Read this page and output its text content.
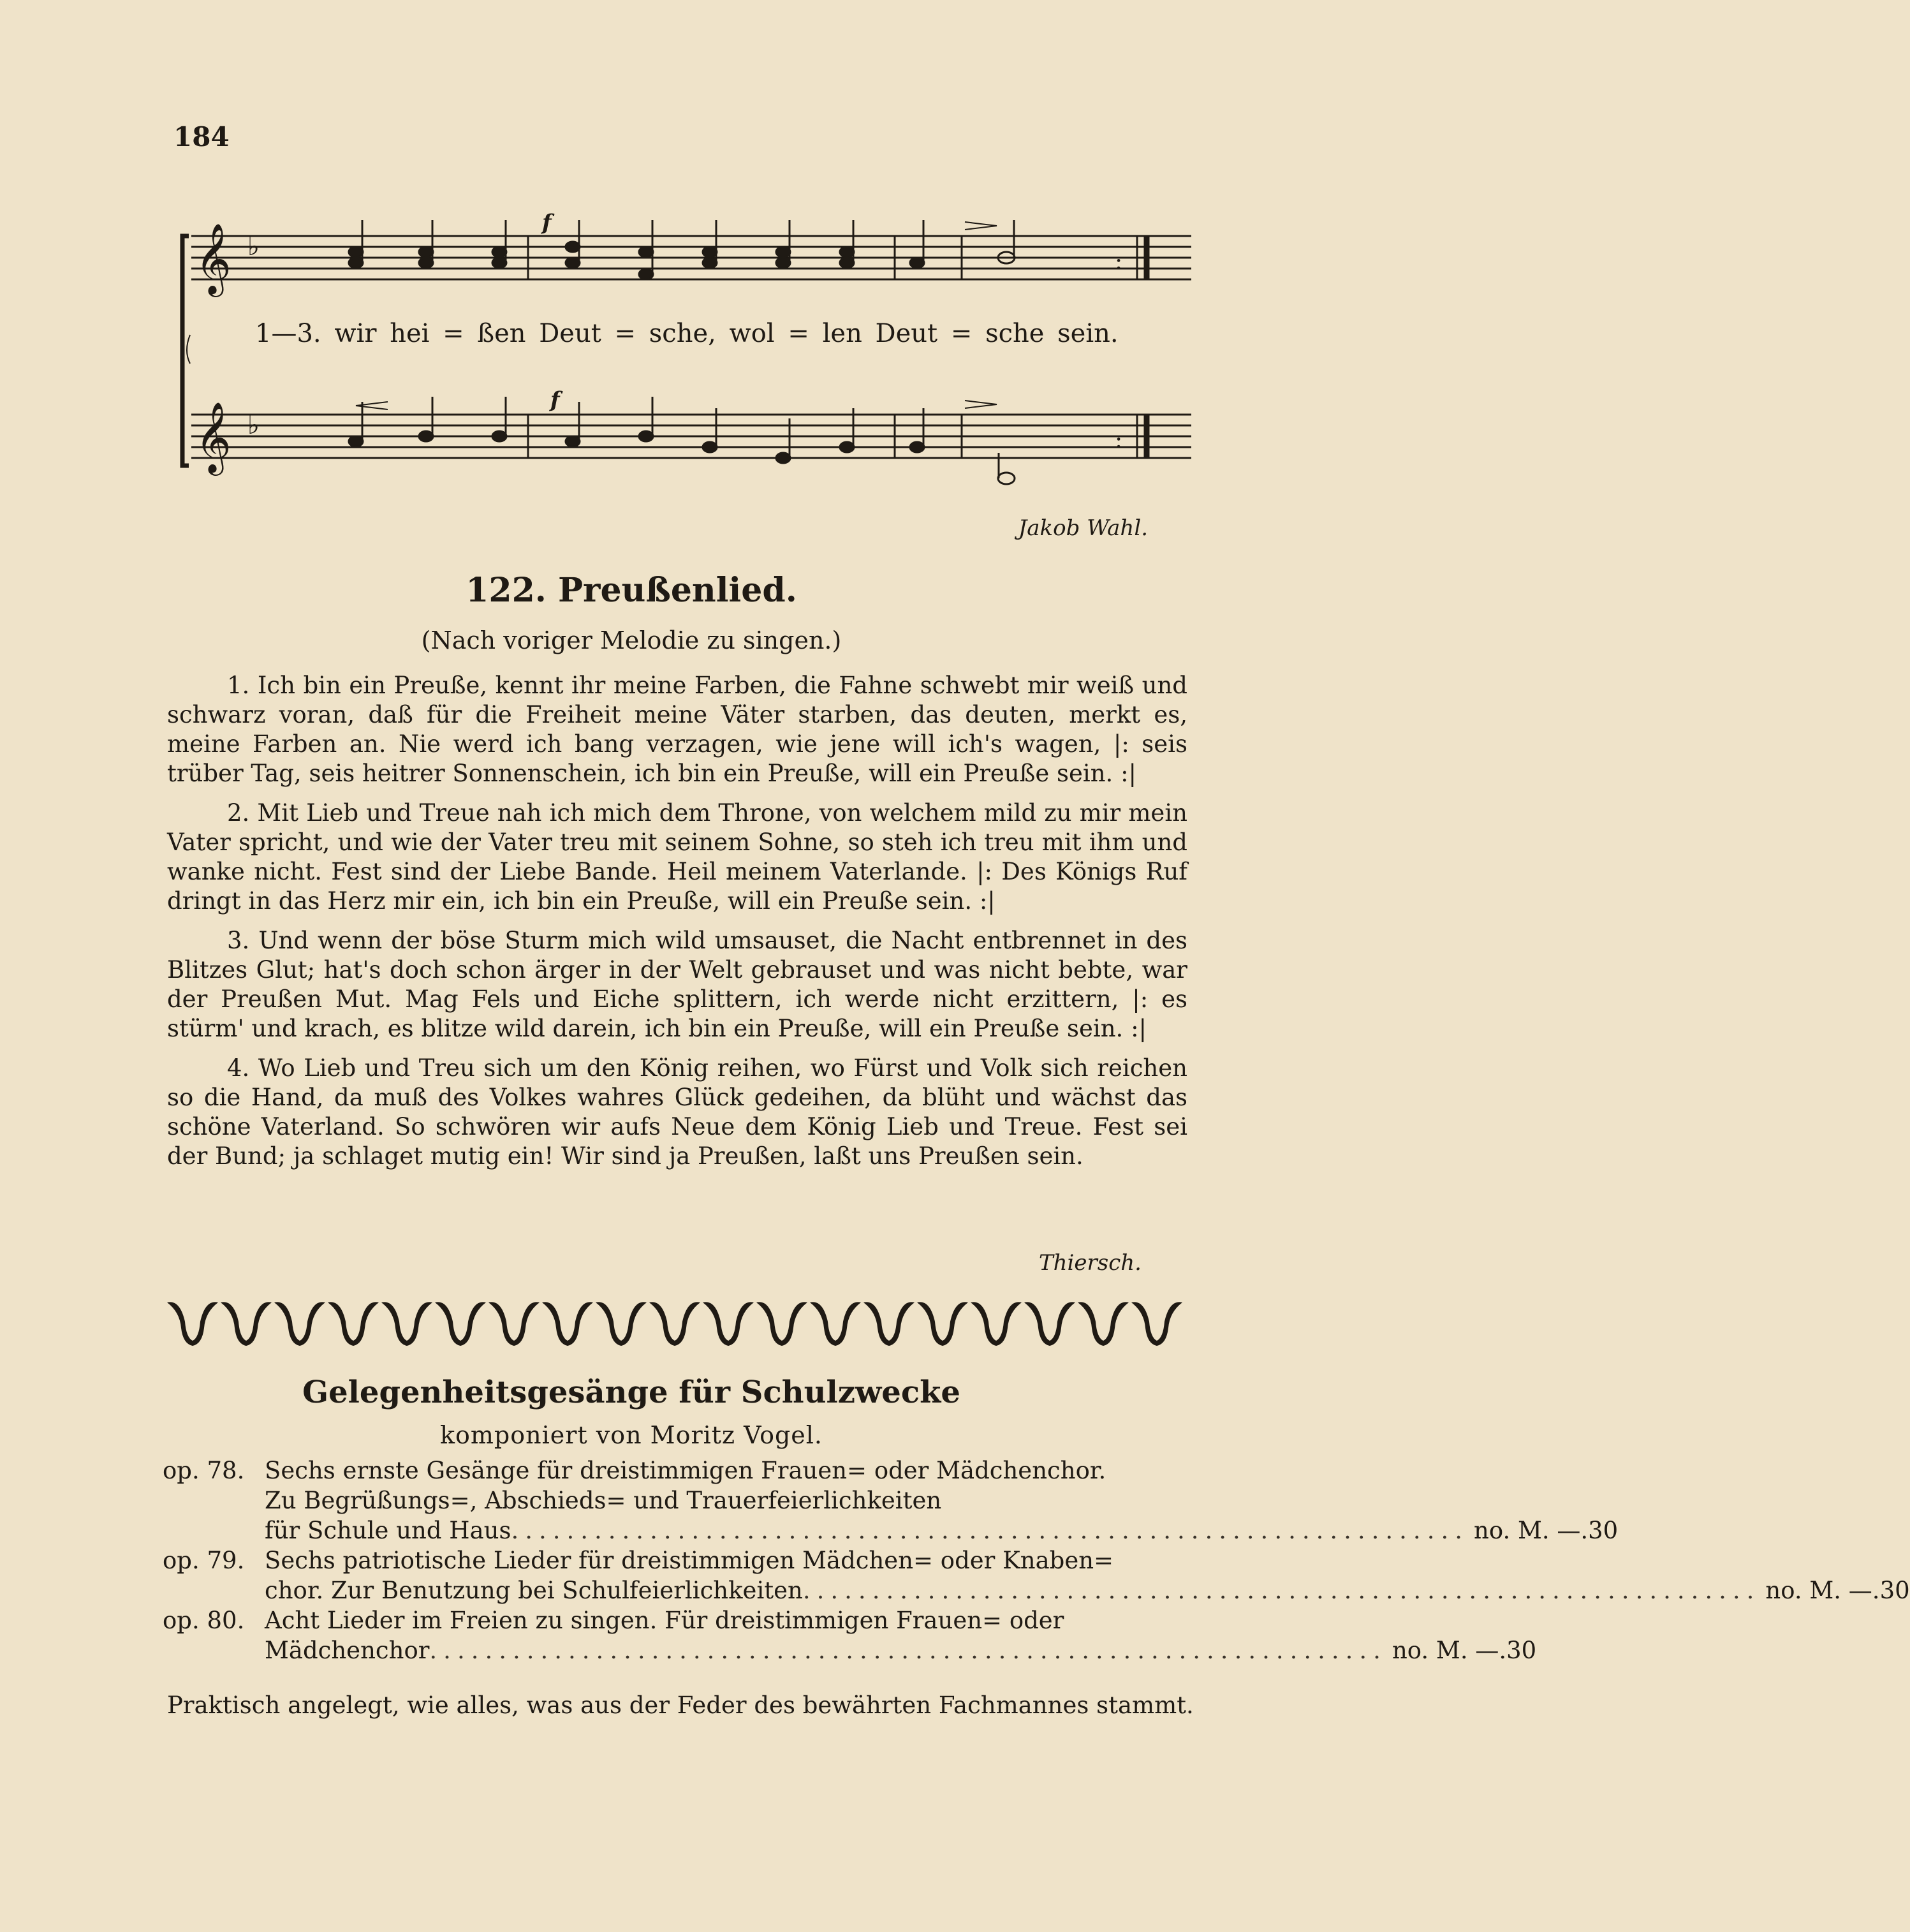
184
𝄞
𝄞
♭
♭
f
f
:
:
1—3. wir hei = ßen Deut = sche, wol = len Deut = sche sein.
Jakob Wahl.
122. Preußenlied.
(Nach voriger Melodie zu singen.)

1. Ich bin ein Preuße, kennt ihr meine Farben, die Fahne schwebt mir weiß und schwarz voran, daß für die Freiheit meine Väter starben, das deuten, merkt es, meine Farben an. Nie werd ich bang verzagen, wie jene will ich's wagen, |: seis trüber Tag, seis heitrer Sonnenschein, ich bin ein Preuße, will ein Preuße sein. :|

2. Mit Lieb und Treue nah ich mich dem Throne, von welchem mild zu mir mein Vater spricht, und wie der Vater treu mit seinem Sohne, so steh ich treu mit ihm und wanke nicht. Fest sind der Liebe Bande. Heil meinem Vaterlande. |: Des Königs Ruf dringt in das Herz mir ein, ich bin ein Preuße, will ein Preuße sein. :|

3. Und wenn der böse Sturm mich wild umsauset, die Nacht entbrennet in des Blitzes Glut; hat's doch schon ärger in der Welt gebrauset und was nicht bebte, war der Preußen Mut. Mag Fels und Eiche splittern, ich werde nicht erzittern, |: es stürm' und krach, es blitze wild darein, ich bin ein Preuße, will ein Preuße sein. :|

4. Wo Lieb und Treu sich um den König reihen, wo Fürst und Volk sich reichen so die Hand, da muß des Volkes wahres Glück gedeihen, da blüht und wächst das schöne Vaterland. So schwören wir aufs Neue dem König Lieb und Treue. Fest sei der Bund; ja schlaget mutig ein! Wir sind ja Preußen, laßt uns Preußen sein.

Thiersch.
Gelegenheitsgesänge für Schulzwecke
komponiert von Moritz Vogel.
op. 78. Sechs ernste Gesänge für dreistimmigen Frauen= oder Mädchenchor.
Zu Begrüßungs=, Abschieds= und Trauerfeierlichkeiten
für Schule und Haus ..................................................................... no. M. —.30
op. 79. Sechs patriotische Lieder für dreistimmigen Mädchen= oder Knaben=
chor. Zur Benutzung bei Schulfeierlichkeiten ..................................................................... no. M. —.30
op. 80. Acht Lieder im Freien zu singen. Für dreistimmigen Frauen= oder
Mädchenchor ..................................................................... no. M. —.30
Praktisch angelegt, wie alles, was aus der Feder des bewährten Fachmannes stammt.
